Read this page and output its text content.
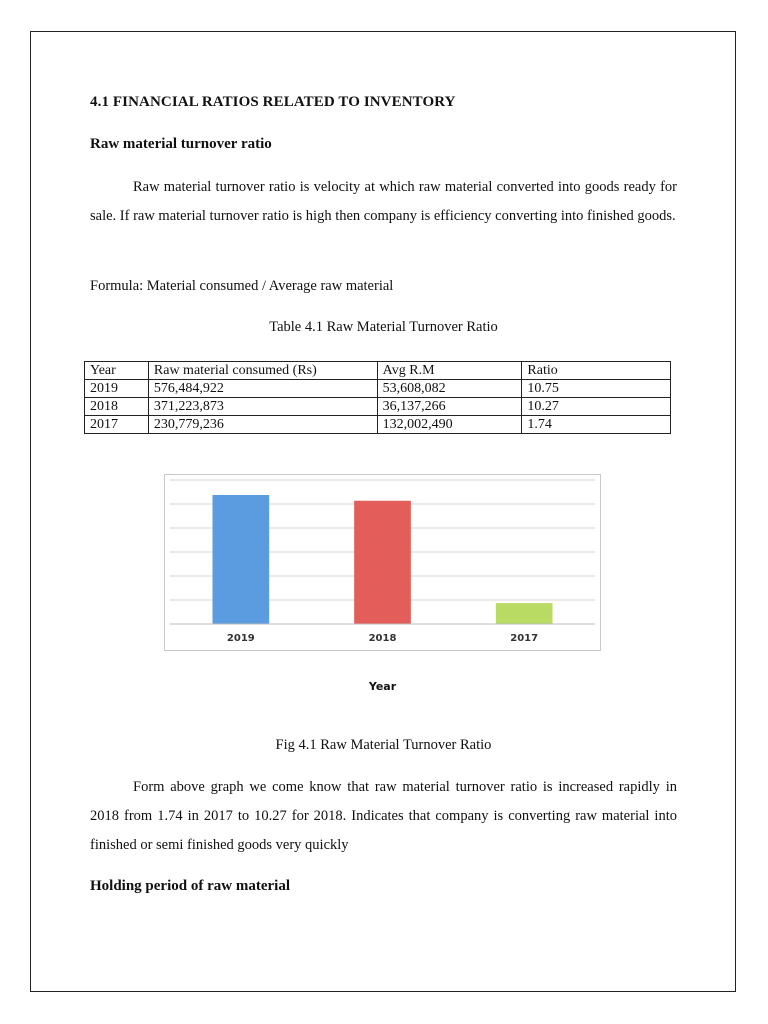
4.1 FINANCIAL RATIOS RELATED TO INVENTORY
Raw material turnover ratio
Raw material turnover ratio is velocity at which raw material converted into goods ready for sale. If raw material turnover ratio is high then company is efficiency converting into finished goods.
Formula: Material consumed / Average raw material
Table 4.1 Raw Material Turnover Ratio
Year	Raw material consumed (Rs)	Avg R.M	Ratio
2019	576,484,922	53,608,082	10.75
2018	371,223,873	36,137,266	10.27
2017	230,779,236	132,002,490	1.74
2019	2018	2017
Year
Fig 4.1 Raw Material Turnover Ratio
Form above graph we come know that raw material turnover ratio is increased rapidly in 2018 from 1.74 in 2017 to 10.27 for 2018. Indicates that company is converting raw material into finished or semi finished goods very quickly
Holding period of raw material
